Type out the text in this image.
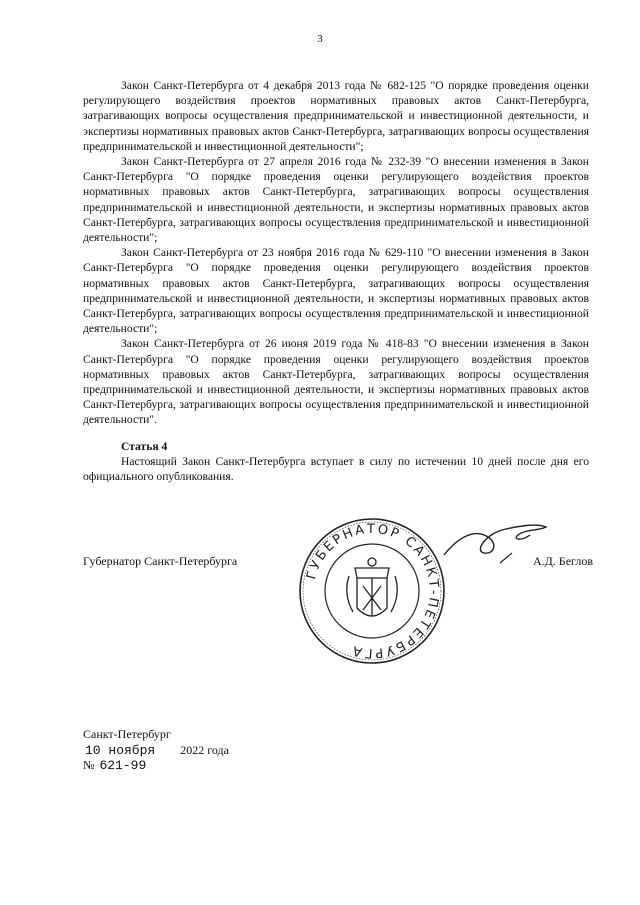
3

Закон Санкт-Петербурга от 4 декабря 2013 года № 682-125 "О порядке проведения оценки регулирующего воздействия проектов нормативных правовых актов Санкт-Петербурга, затрагивающих вопросы осуществления предпринимательской и инвестиционной деятельности, и экспертизы нормативных правовых актов Санкт-Петербурга, затрагивающих вопросы осуществления предпринимательской и инвестиционной деятельности";

Закон Санкт-Петербурга от 27 апреля 2016 года № 232-39 "О внесении изменения в Закон Санкт-Петербурга "О порядке проведения оценки регулирующего воздействия проектов нормативных правовых актов Санкт-Петербурга, затрагивающих вопросы осуществления предпринимательской и инвестиционной деятельности, и экспертизы нормативных правовых актов Санкт-Петербурга, затрагивающих вопросы осуществления предпринимательской и инвестиционной деятельности";

Закон Санкт-Петербурга от 23 ноября 2016 года № 629-110 "О внесении изменения в Закон Санкт-Петербурга "О порядке проведения оценки регулирующего воздействия проектов нормативных правовых актов Санкт-Петербурга, затрагивающих вопросы осуществления предпринимательской и инвестиционной деятельности, и экспертизы нормативных правовых актов Санкт-Петербурга, затрагивающих вопросы осуществления предпринимательской и инвестиционной деятельности";

Закон Санкт-Петербурга от 26 июня 2019 года № 418-83 "О внесении изменения в Закон Санкт-Петербурга "О порядке проведения оценки регулирующего воздействия проектов нормативных правовых актов Санкт-Петербурга, затрагивающих вопросы осуществления предпринимательской и инвестиционной деятельности, и экспертизы нормативных правовых актов Санкт-Петербурга, затрагивающих вопросы осуществления предпринимательской и инвестиционной деятельности".

Статья 4

Настоящий Закон Санкт-Петербурга вступает в силу по истечении 10 дней после дня его официального опубликования.

Губернатор Санкт-Петербурга	А.Д. Беглов
ГУБЕРНАТОР САНКТ-ПЕТЕРБУРГА
Санкт-Петербург
10 ноября 2022 года
№ 621-99
